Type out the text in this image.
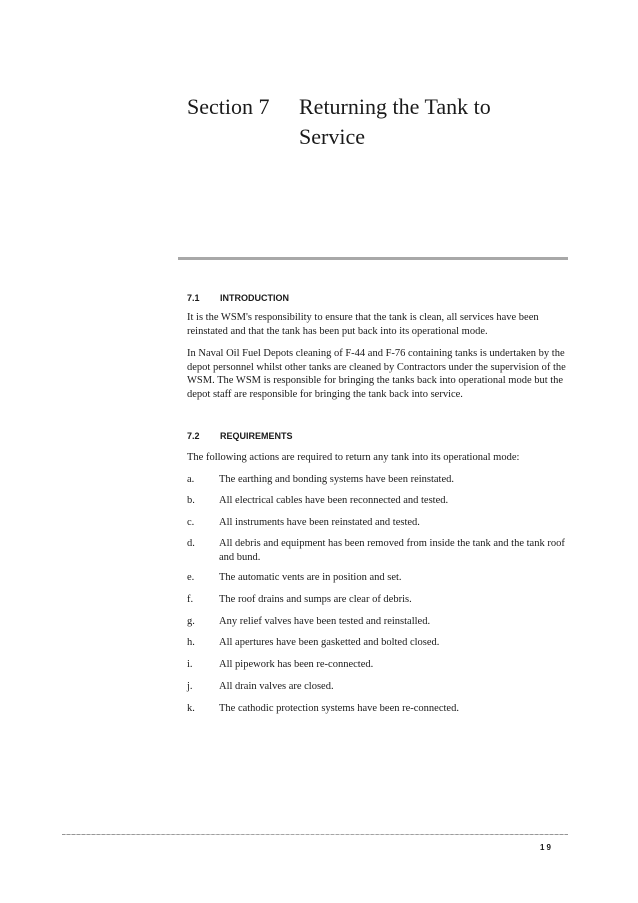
Section 7 Returning the Tank to Service
7.1 INTRODUCTION
It is the WSM's responsibility to ensure that the tank is clean, all services have been reinstated and that the tank has been put back into its operational mode.
In Naval Oil Fuel Depots cleaning of F-44 and F-76 containing tanks is undertaken by the depot personnel whilst other tanks are cleaned by Contractors under the supervision of the WSM. The WSM is responsible for bringing the tanks back into operational mode but the depot staff are responsible for bringing the tank back into service.
7.2 REQUIREMENTS
The following actions are required to return any tank into its operational mode:
a.	The earthing and bonding systems have been reinstated.
b.	All electrical cables have been reconnected and tested.
c.	All instruments have been reinstated and tested.
d.	All debris and equipment has been removed from inside the tank and the tank roof and bund.
e.	The automatic vents are in position and set.
f.	The roof drains and sumps are clear of debris.
g.	Any relief valves have been tested and reinstalled.
h.	All apertures have been gasketted and bolted closed.
i.	All pipework has been re-connected.
j.	All drain valves are closed.
k.	The cathodic protection systems have been re-connected.
19
